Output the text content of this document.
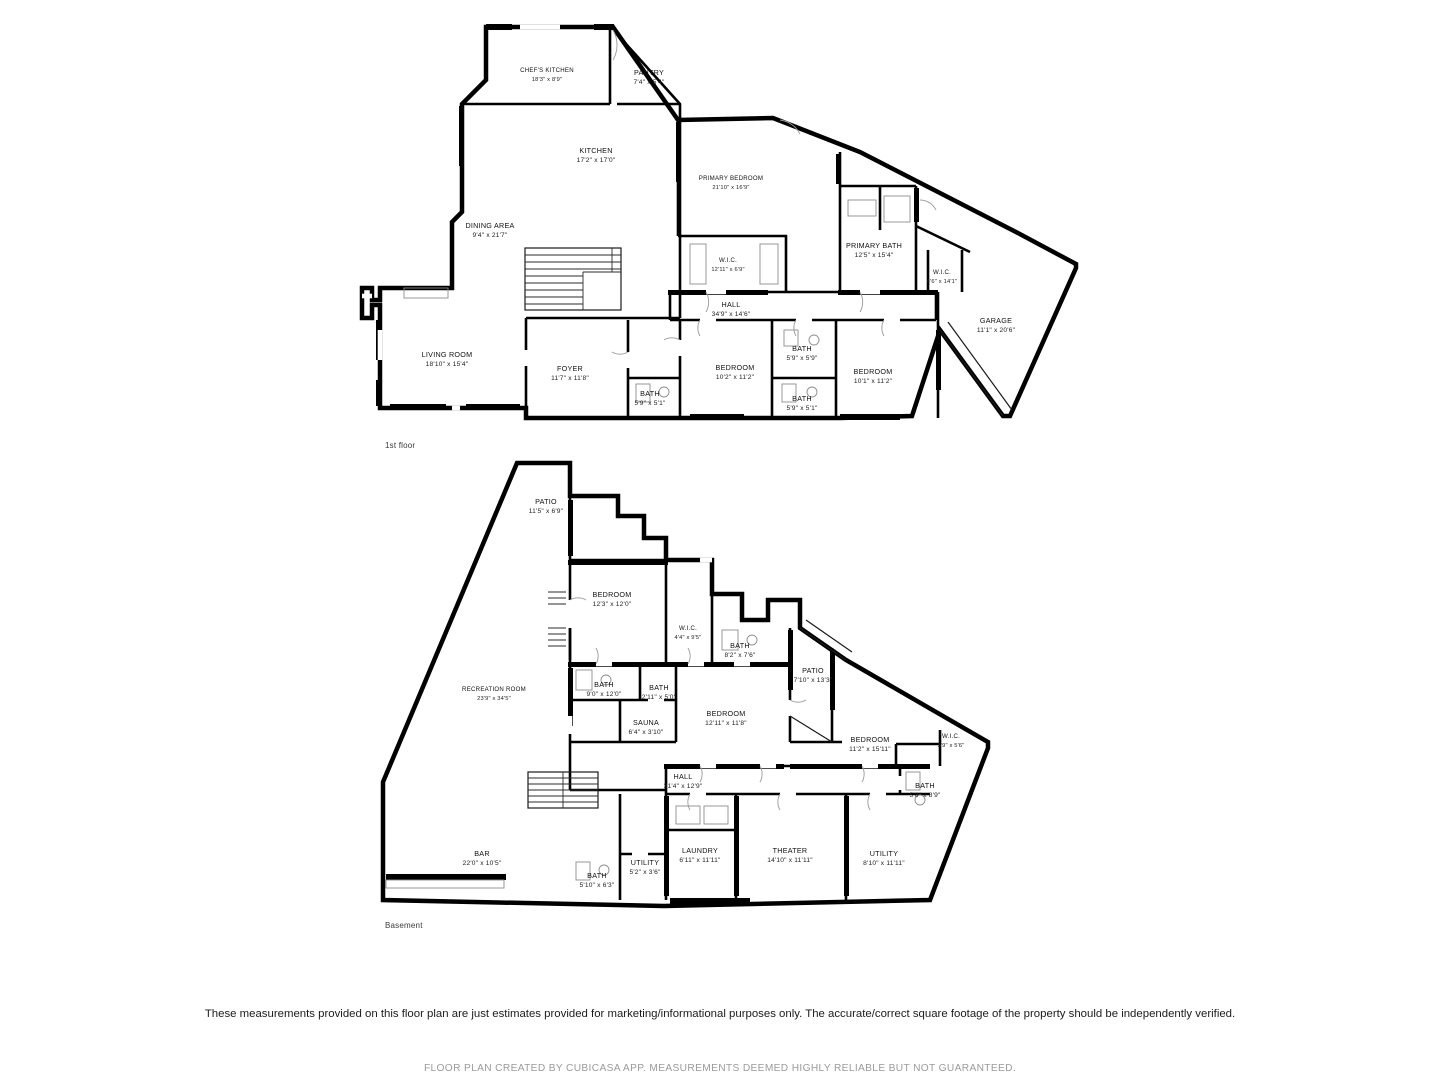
CHEF'S KITCHEN
18'3" x 8'9"
PANTRY
7'4" x 5'4"
KITCHEN
17'2" x 17'0"
PRIMARY BEDROOM
21'10" x 16'9"
PRIMARY BATH
12'5" x 15'4"
W.I.C.
4'6" x 14'1"
GARAGE
11'1" x 20'6"
DINING AREA
9'4" x 21'7"
W.I.C.
12'11" x 6'9"
HALL
34'9" x 14'6"
LIVING ROOM
18'10" x 15'4"	FOYER
11'7" x 11'8"
BEDROOM
10'2" x 11'2"
BATH
5'9" x 5'9"
BEDROOM
10'1" x 11'2"
BATH
5'9" x 5'1"
BATH
5'9" x 5'1"
PATIO
11'5" x 6'9"
BEDROOM
12'3" x 12'0"
W.I.C.
4'4" x 9'5"
BATH
8'2" x 7'6"
PATIO
7'10" x 13'3"
RECREATION ROOM
23'9" x 34'5"
BATH
9'0" x 12'0"
BATH
2'11" x 5'0"
BEDROOM
12'11" x 11'8"
BEDROOM
11'2" x 15'11"
W.I.C.
5'9" x 5'6"
SAUNA
6'4" x 3'10"
HALL
31'4" x 12'9"	BATH
5'8" x 8'9"
BAR
22'0" x 10'5"
BATH
5'10" x 6'3"
UTILITY
5'2" x 3'6"
LAUNDRY
6'11" x 11'11"
THEATER
14'10" x 11'11"
UTILITY
8'10" x 11'11"
1st floor
Basement
These measurements provided on this floor plan are just estimates provided for marketing/informational purposes only. The accurate/correct square footage of the property should be independently verified.
FLOOR PLAN CREATED BY CUBICASA APP. MEASUREMENTS DEEMED HIGHLY RELIABLE BUT NOT GUARANTEED.
